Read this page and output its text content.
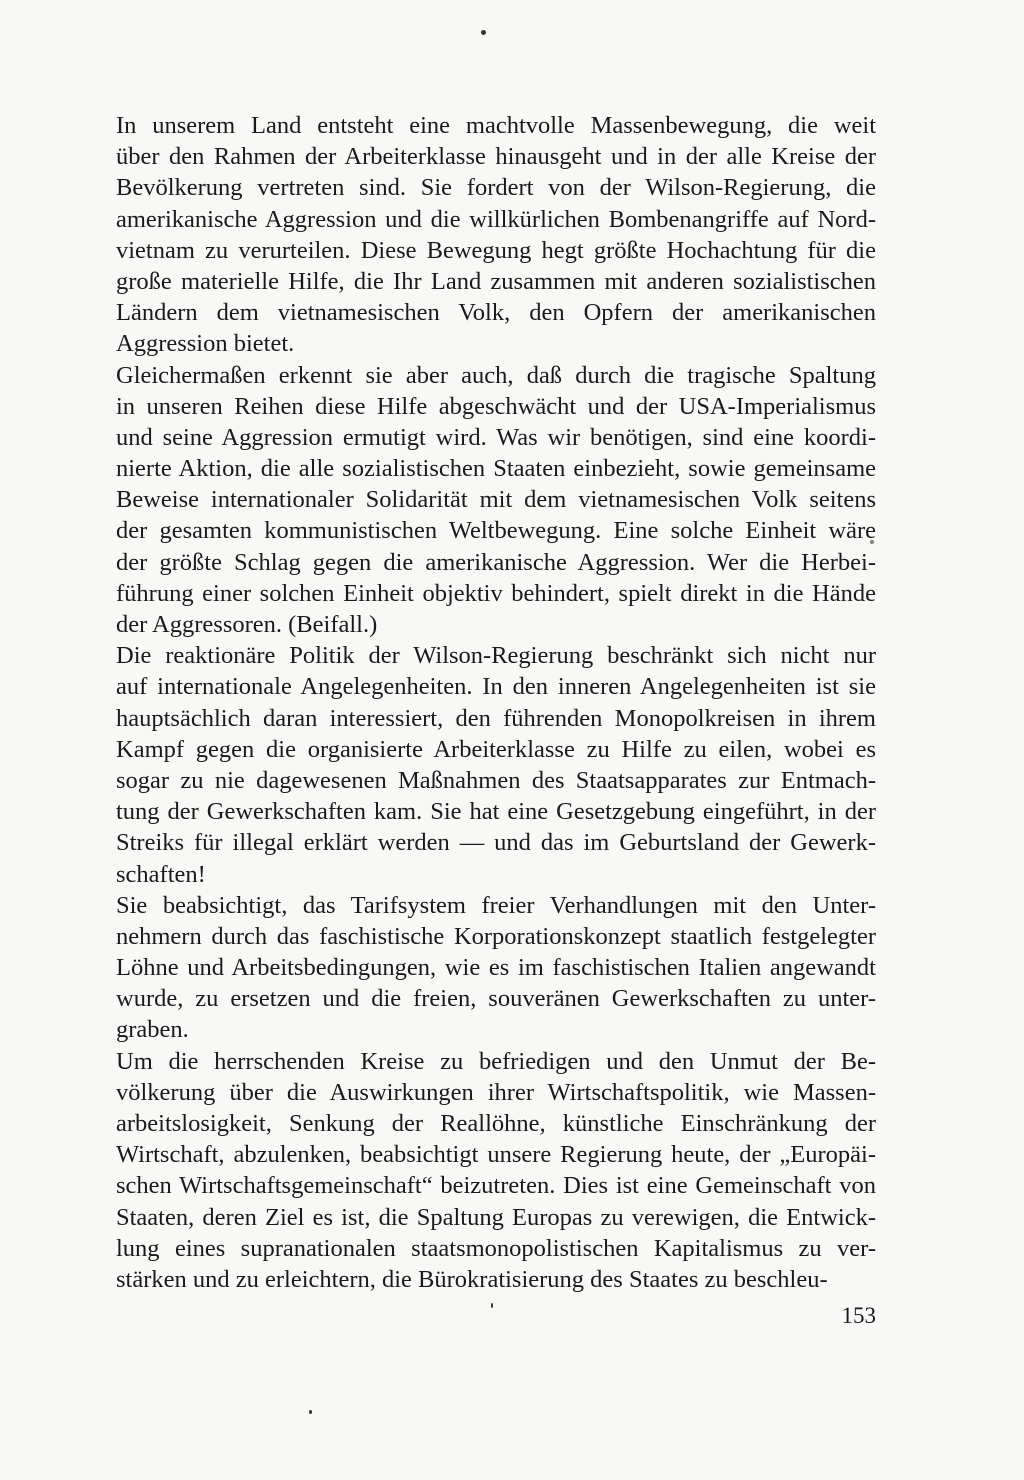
In unserem Land entsteht eine machtvolle Massenbewegung, die weit
über den Rahmen der Arbeiterklasse hinausgeht und in der alle Kreise der
Bevölkerung vertreten sind. Sie fordert von der Wilson-Regierung, die
amerikanische Aggression und die willkürlichen Bombenangriffe auf Nord-
vietnam zu verurteilen. Diese Bewegung hegt größte Hochachtung für die
große materielle Hilfe, die Ihr Land zusammen mit anderen sozialistischen
Ländern dem vietnamesischen Volk, den Opfern der amerikanischen
Aggression bietet.
Gleichermaßen erkennt sie aber auch, daß durch die tragische Spaltung
in unseren Reihen diese Hilfe abgeschwächt und der USA-Imperialismus
und seine Aggression ermutigt wird. Was wir benötigen, sind eine koordi-
nierte Aktion, die alle sozialistischen Staaten einbezieht, sowie gemeinsame
Beweise internationaler Solidarität mit dem vietnamesischen Volk seitens
der gesamten kommunistischen Weltbewegung. Eine solche Einheit wäre
der größte Schlag gegen die amerikanische Aggression. Wer die Herbei-
führung einer solchen Einheit objektiv behindert, spielt direkt in die Hände
der Aggressoren. (Beifall.)
Die reaktionäre Politik der Wilson-Regierung beschränkt sich nicht nur
auf internationale Angelegenheiten. In den inneren Angelegenheiten ist sie
hauptsächlich daran interessiert, den führenden Monopolkreisen in ihrem
Kampf gegen die organisierte Arbeiterklasse zu Hilfe zu eilen, wobei es
sogar zu nie dagewesenen Maßnahmen des Staatsapparates zur Entmach-
tung der Gewerkschaften kam. Sie hat eine Gesetzgebung eingeführt, in der
Streiks für illegal erklärt werden — und das im Geburtsland der Gewerk-
schaften!
Sie beabsichtigt, das Tarifsystem freier Verhandlungen mit den Unter-
nehmern durch das faschistische Korporationskonzept staatlich festgelegter
Löhne und Arbeitsbedingungen, wie es im faschistischen Italien angewandt
wurde, zu ersetzen und die freien, souveränen Gewerkschaften zu unter-
graben.
Um die herrschenden Kreise zu befriedigen und den Unmut der Be-
völkerung über die Auswirkungen ihrer Wirtschaftspolitik, wie Massen-
arbeitslosigkeit, Senkung der Reallöhne, künstliche Einschränkung der
Wirtschaft, abzulenken, beabsichtigt unsere Regierung heute, der „Europäi-
schen Wirtschaftsgemeinschaft“ beizutreten. Dies ist eine Gemeinschaft von
Staaten, deren Ziel es ist, die Spaltung Europas zu verewigen, die Entwick-
lung eines supranationalen staatsmonopolistischen Kapitalismus zu ver-
stärken und zu erleichtern, die Bürokratisierung des Staates zu beschleu-
153
